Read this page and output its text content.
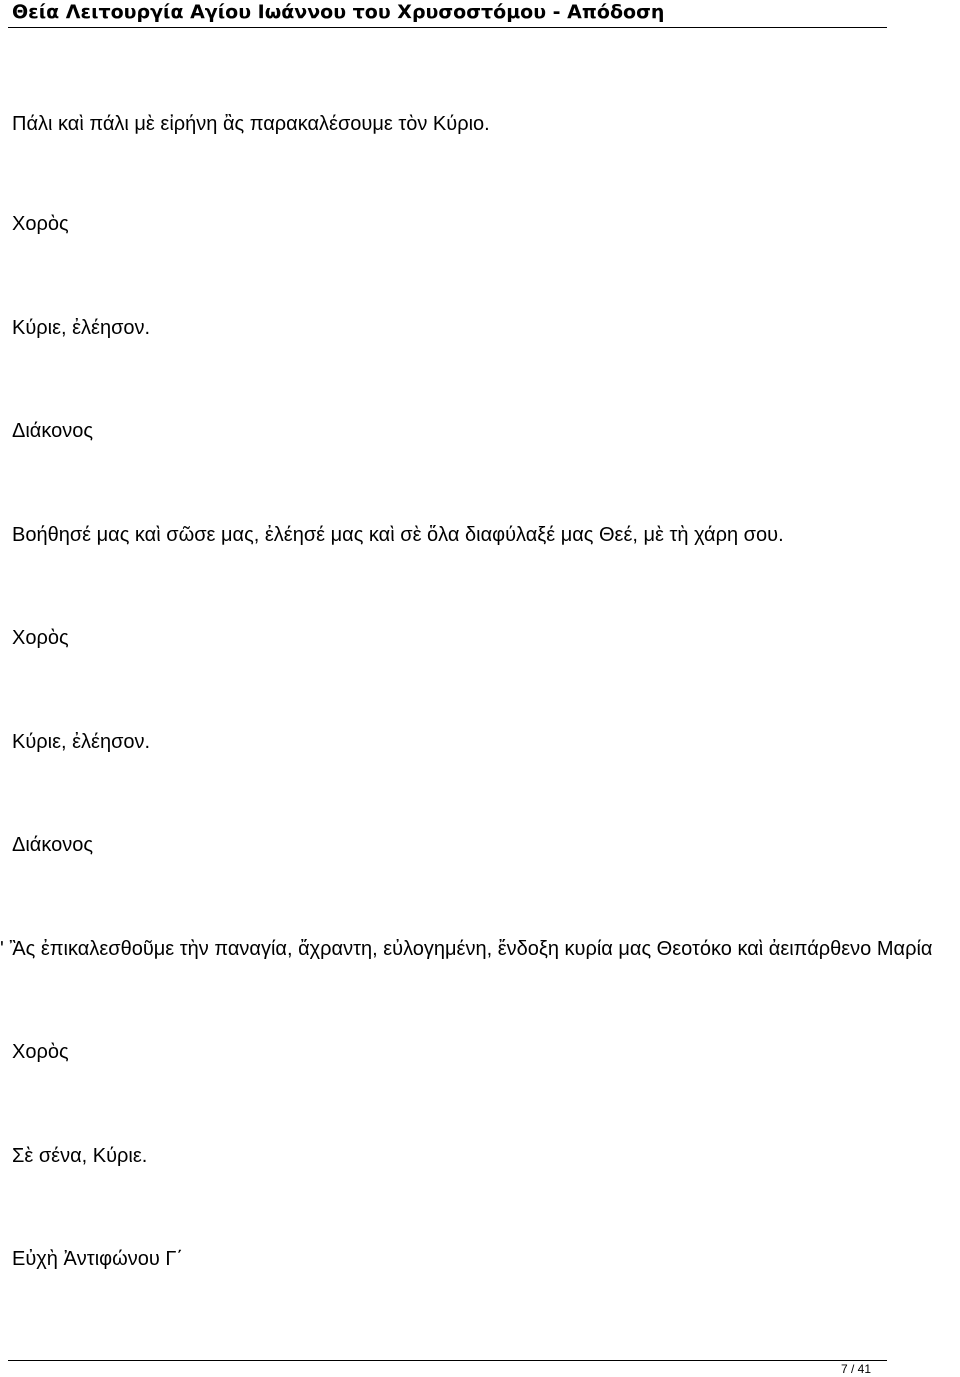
Θεία Λειτουργία Αγίου Ιωάννου του Χρυσοστόμου - Απόδοση
Πάλι καὶ πάλι μὲ εἰρήνη ἂς παρακαλέσουμε τὸν Κύριο.
Χορὸς
Κύριε, ἐλέησον.
Διάκονος
Βοήθησέ μας καὶ σῶσε μας, ἐλέησέ μας καὶ σὲ ὅλα διαφύλαξέ μας Θεέ, μὲ τὴ χάρη σου.
Χορὸς
Κύριε, ἐλέησον.
Διάκονος
ʹ Ἂς ἐπικαλεσθοῦμε τὴν παναγία, ἄχραντη, εὐλογημένη, ἔνδοξη κυρία μας Θεοτόκο καὶ ἀειπάρθενο Μαρία
Χορὸς
Σὲ σένα, Κύριε.
Εὐχὴ Ἀντιφώνου Γ΄
7 / 41
